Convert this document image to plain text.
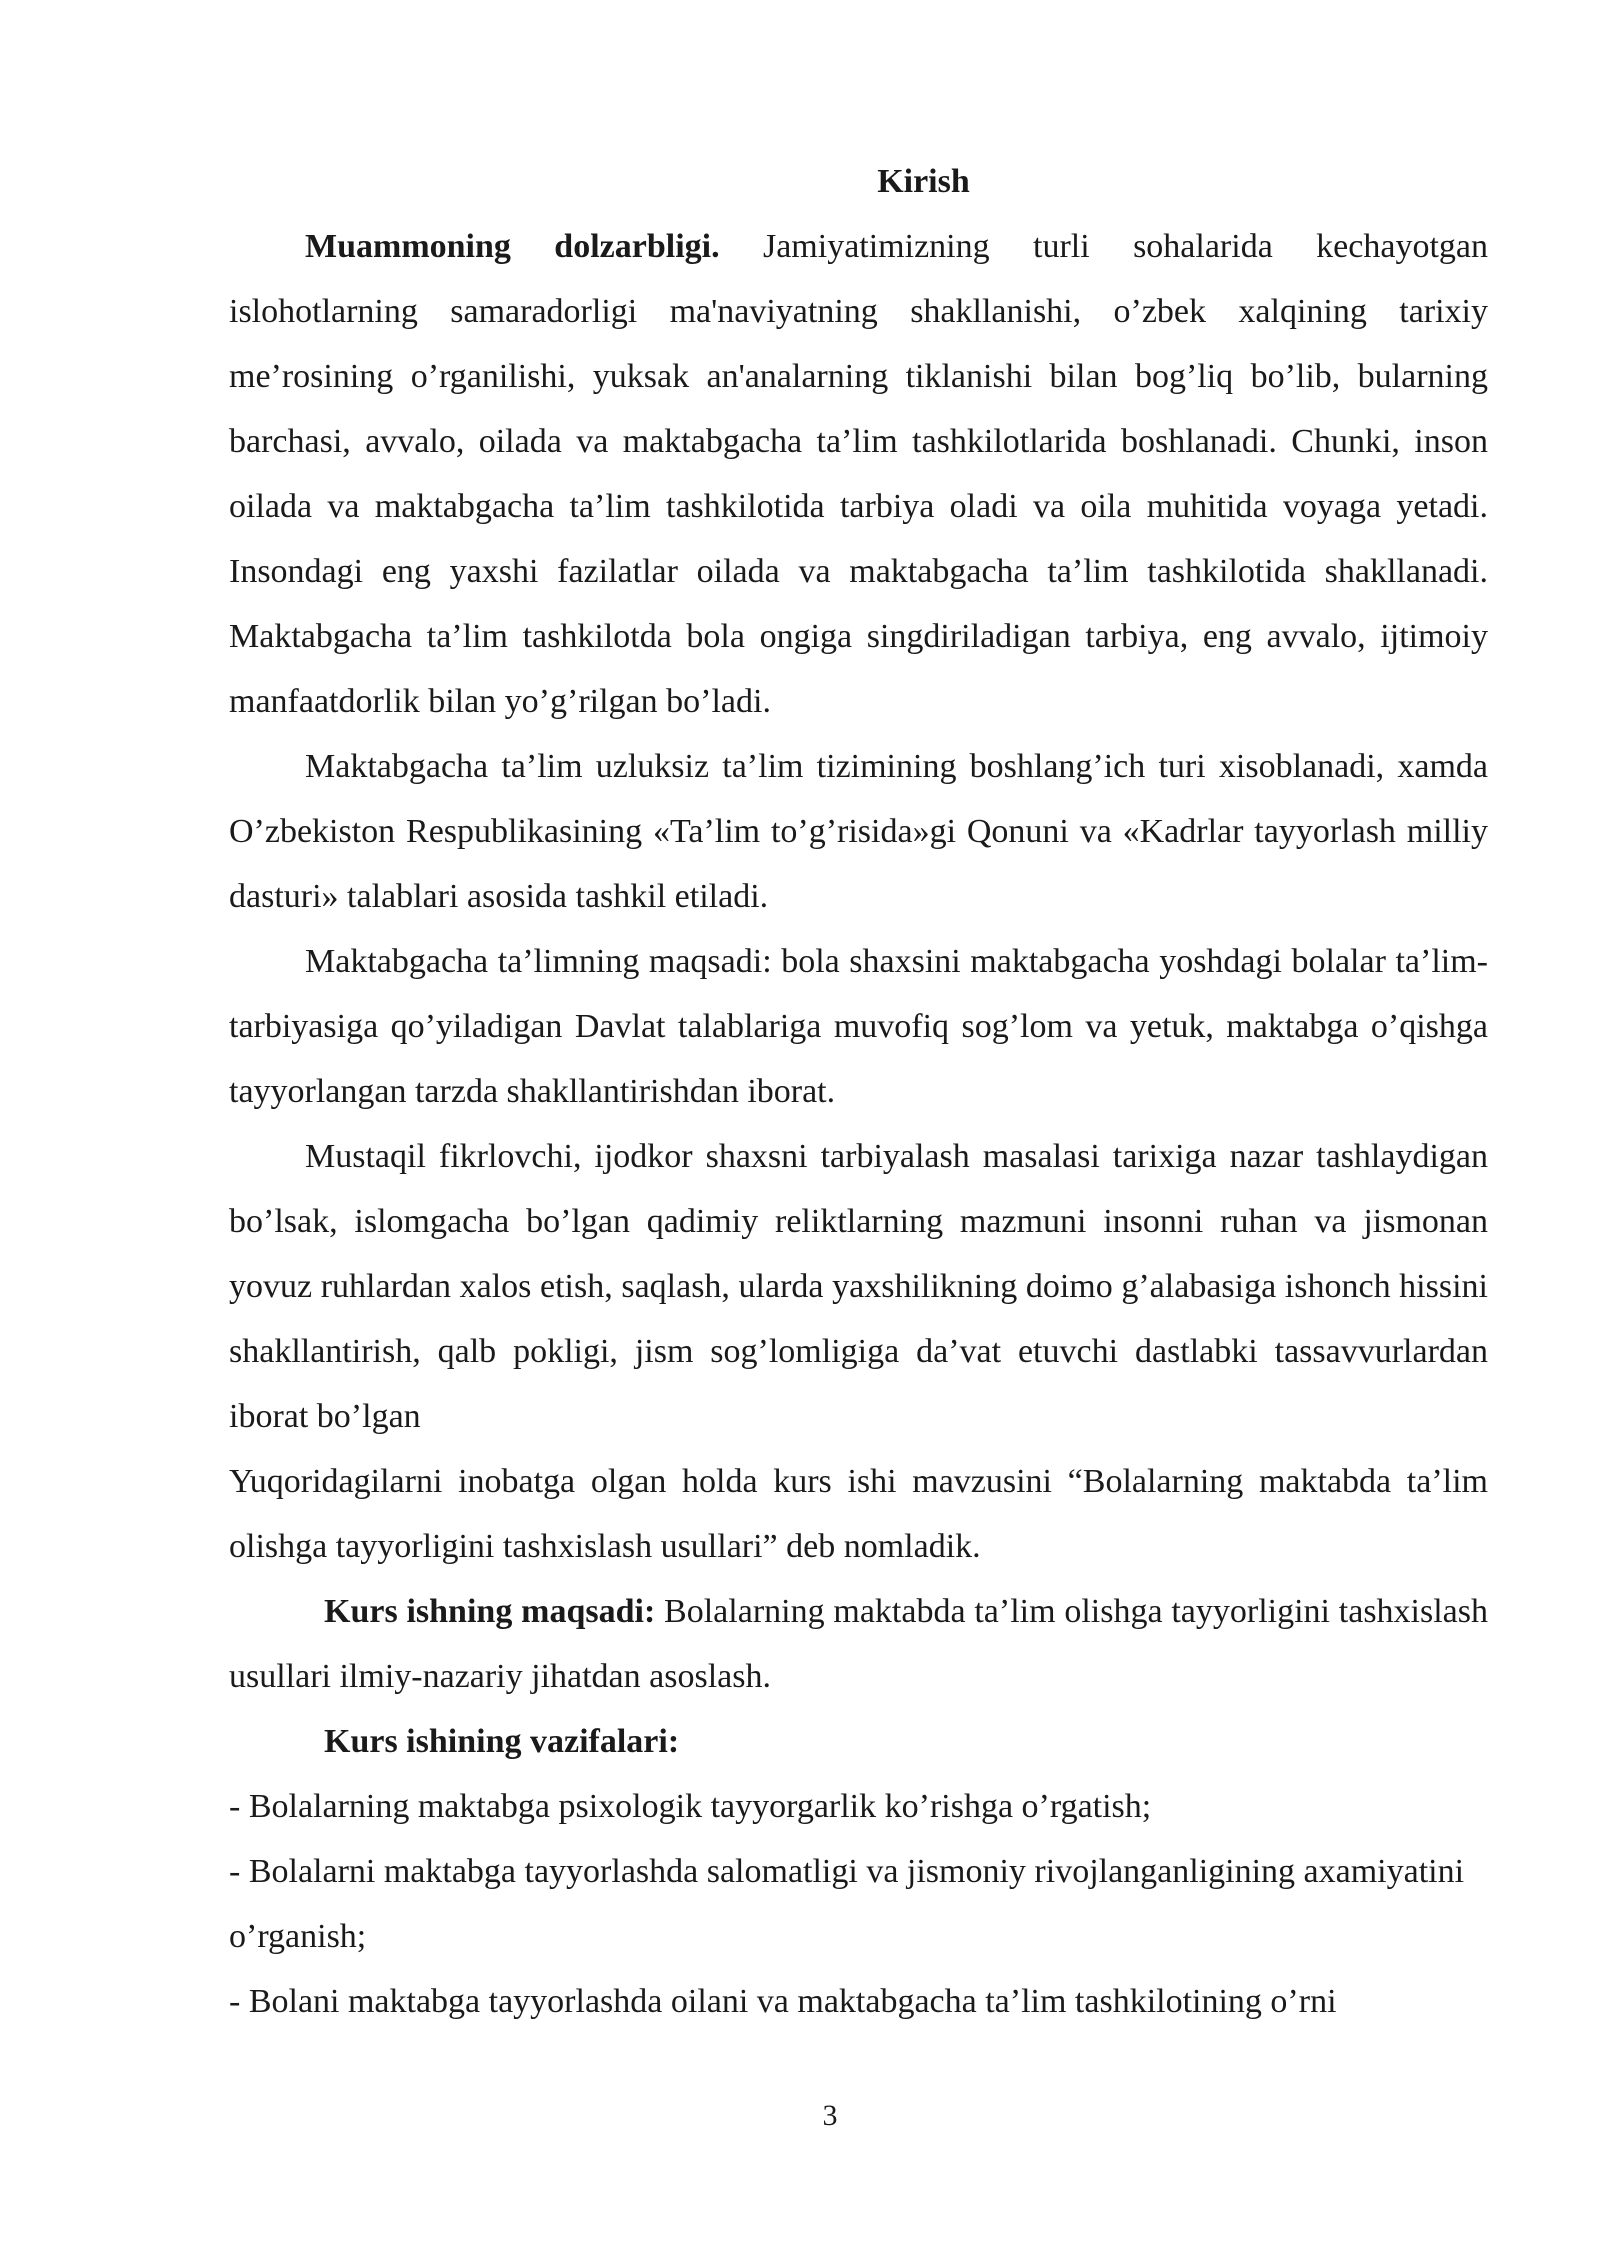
Kirish

Muammoning dolzarbligi. Jamiyatimizning turli sohalarida kechayotgan islohotlarning samaradorligi ma'naviyatning shakllanishi, o’zbek xalqining tarixiy me’rosining o’rganilishi, yuksak an'analarning tiklanishi bilan bog’liq bo’lib, bularning barchasi, avvalo, oilada va maktabgacha ta’lim tashkilotlarida boshlanadi. Chunki, inson oilada va maktabgacha ta’lim tashkilotida tarbiya oladi va oila muhitida voyaga yetadi. Insondagi eng yaxshi fazilatlar oilada va maktabgacha ta’lim tashkilotida shakllanadi. Maktabgacha ta’lim tashkilotda bola ongiga singdiriladigan tarbiya, eng avvalo, ijtimoiy manfaatdorlik bilan yo’g’rilgan bo’ladi.

Maktabgacha ta’lim uzluksiz ta’lim tizimining boshlang’ich turi xisoblanadi, xamda O’zbekiston Respublikasining «Ta’lim to’g’risida»gi Qonuni va «Kadrlar tayyorlash milliy dasturi» talablari asosida tashkil etiladi.

Maktabgacha ta’limning maqsadi: bola shaxsini maktabgacha yoshdagi bolalar ta’lim-tarbiyasiga qo’yiladigan Davlat talablariga muvofiq sog’lom va yetuk, maktabga o’qishga tayyorlangan tarzda shakllantirishdan iborat.

Mustaqil fikrlovchi, ijodkor shaxsni tarbiyalash masalasi tarixiga nazar tashlaydigan bo’lsak, islomgacha bo’lgan qadimiy reliktlarning mazmuni insonni ruhan va jismonan yovuz ruhlardan xalos etish, saqlash, ularda yaxshilikning doimo g’alabasiga ishonch hissini shakllantirish, qalb pokligi, jism sog’lomligiga da’vat etuvchi dastlabki tassavvurlardan iborat bo’lgan

Yuqoridagilarni inobatga olgan holda kurs ishi mavzusini “Bolalarning maktabda ta’lim olishga tayyorligini tashxislash usullari” deb nomladik.

Kurs ishning maqsadi: Bolalarning maktabda ta’lim olishga tayyorligini tashxislash usullari ilmiy-nazariy jihatdan asoslash.

Kurs ishining vazifalari:

- Bolalarning maktabga psixologik tayyorgarlik ko’rishga o’rgatish;
- Bolalarni maktabga tayyorlashda salomatligi va jismoniy rivojlanganligining axamiyatini o’rganish;
- Bolani maktabga tayyorlashda oilani va maktabgacha ta’lim tashkilotining o’rni
3
